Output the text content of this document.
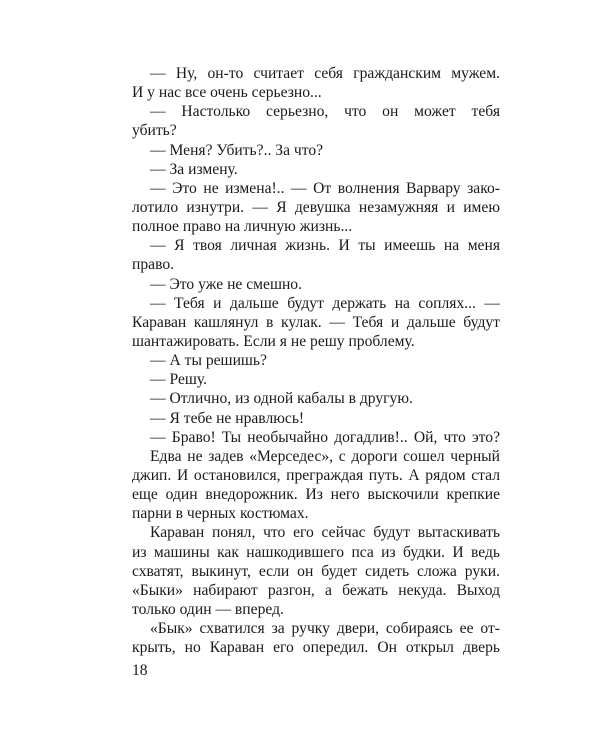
— Ну, он-то считает себя гражданским мужем.
И у нас все очень серьезно...
— Настолько серьезно, что он может тебя
убить?
— Меня? Убить?.. За что?
— За измену.
— Это не измена!.. — От волнения Варвару зако-
лотило изнутри. — Я девушка незамужняя и имею
полное право на личную жизнь...
— Я твоя личная жизнь. И ты имеешь на меня
право.
— Это уже не смешно.
— Тебя и дальше будут держать на соплях... —
Караван кашлянул в кулак. — Тебя и дальше будут
шантажировать. Если я не решу проблему.
— А ты решишь?
— Решу.
— Отлично, из одной кабалы в другую.
— Я тебе не нравлюсь!
— Браво! Ты необычайно догадлив!.. Ой, что это?
Едва не задев «Мерседес», с дороги сошел черный
джип. И остановился, преграждая путь. А рядом стал
еще один внедорожник. Из него выскочили крепкие
парни в черных костюмах.
Караван понял, что его сейчас будут вытаскивать
из машины как нашкодившего пса из будки. И ведь
схватят, выкинут, если он будет сидеть сложа руки.
«Быки» набирают разгон, а бежать некуда. Выход
только один — вперед.
«Бык» схватился за ручку двери, собираясь ее от-
крыть, но Караван его опередил. Он открыл дверь
18
